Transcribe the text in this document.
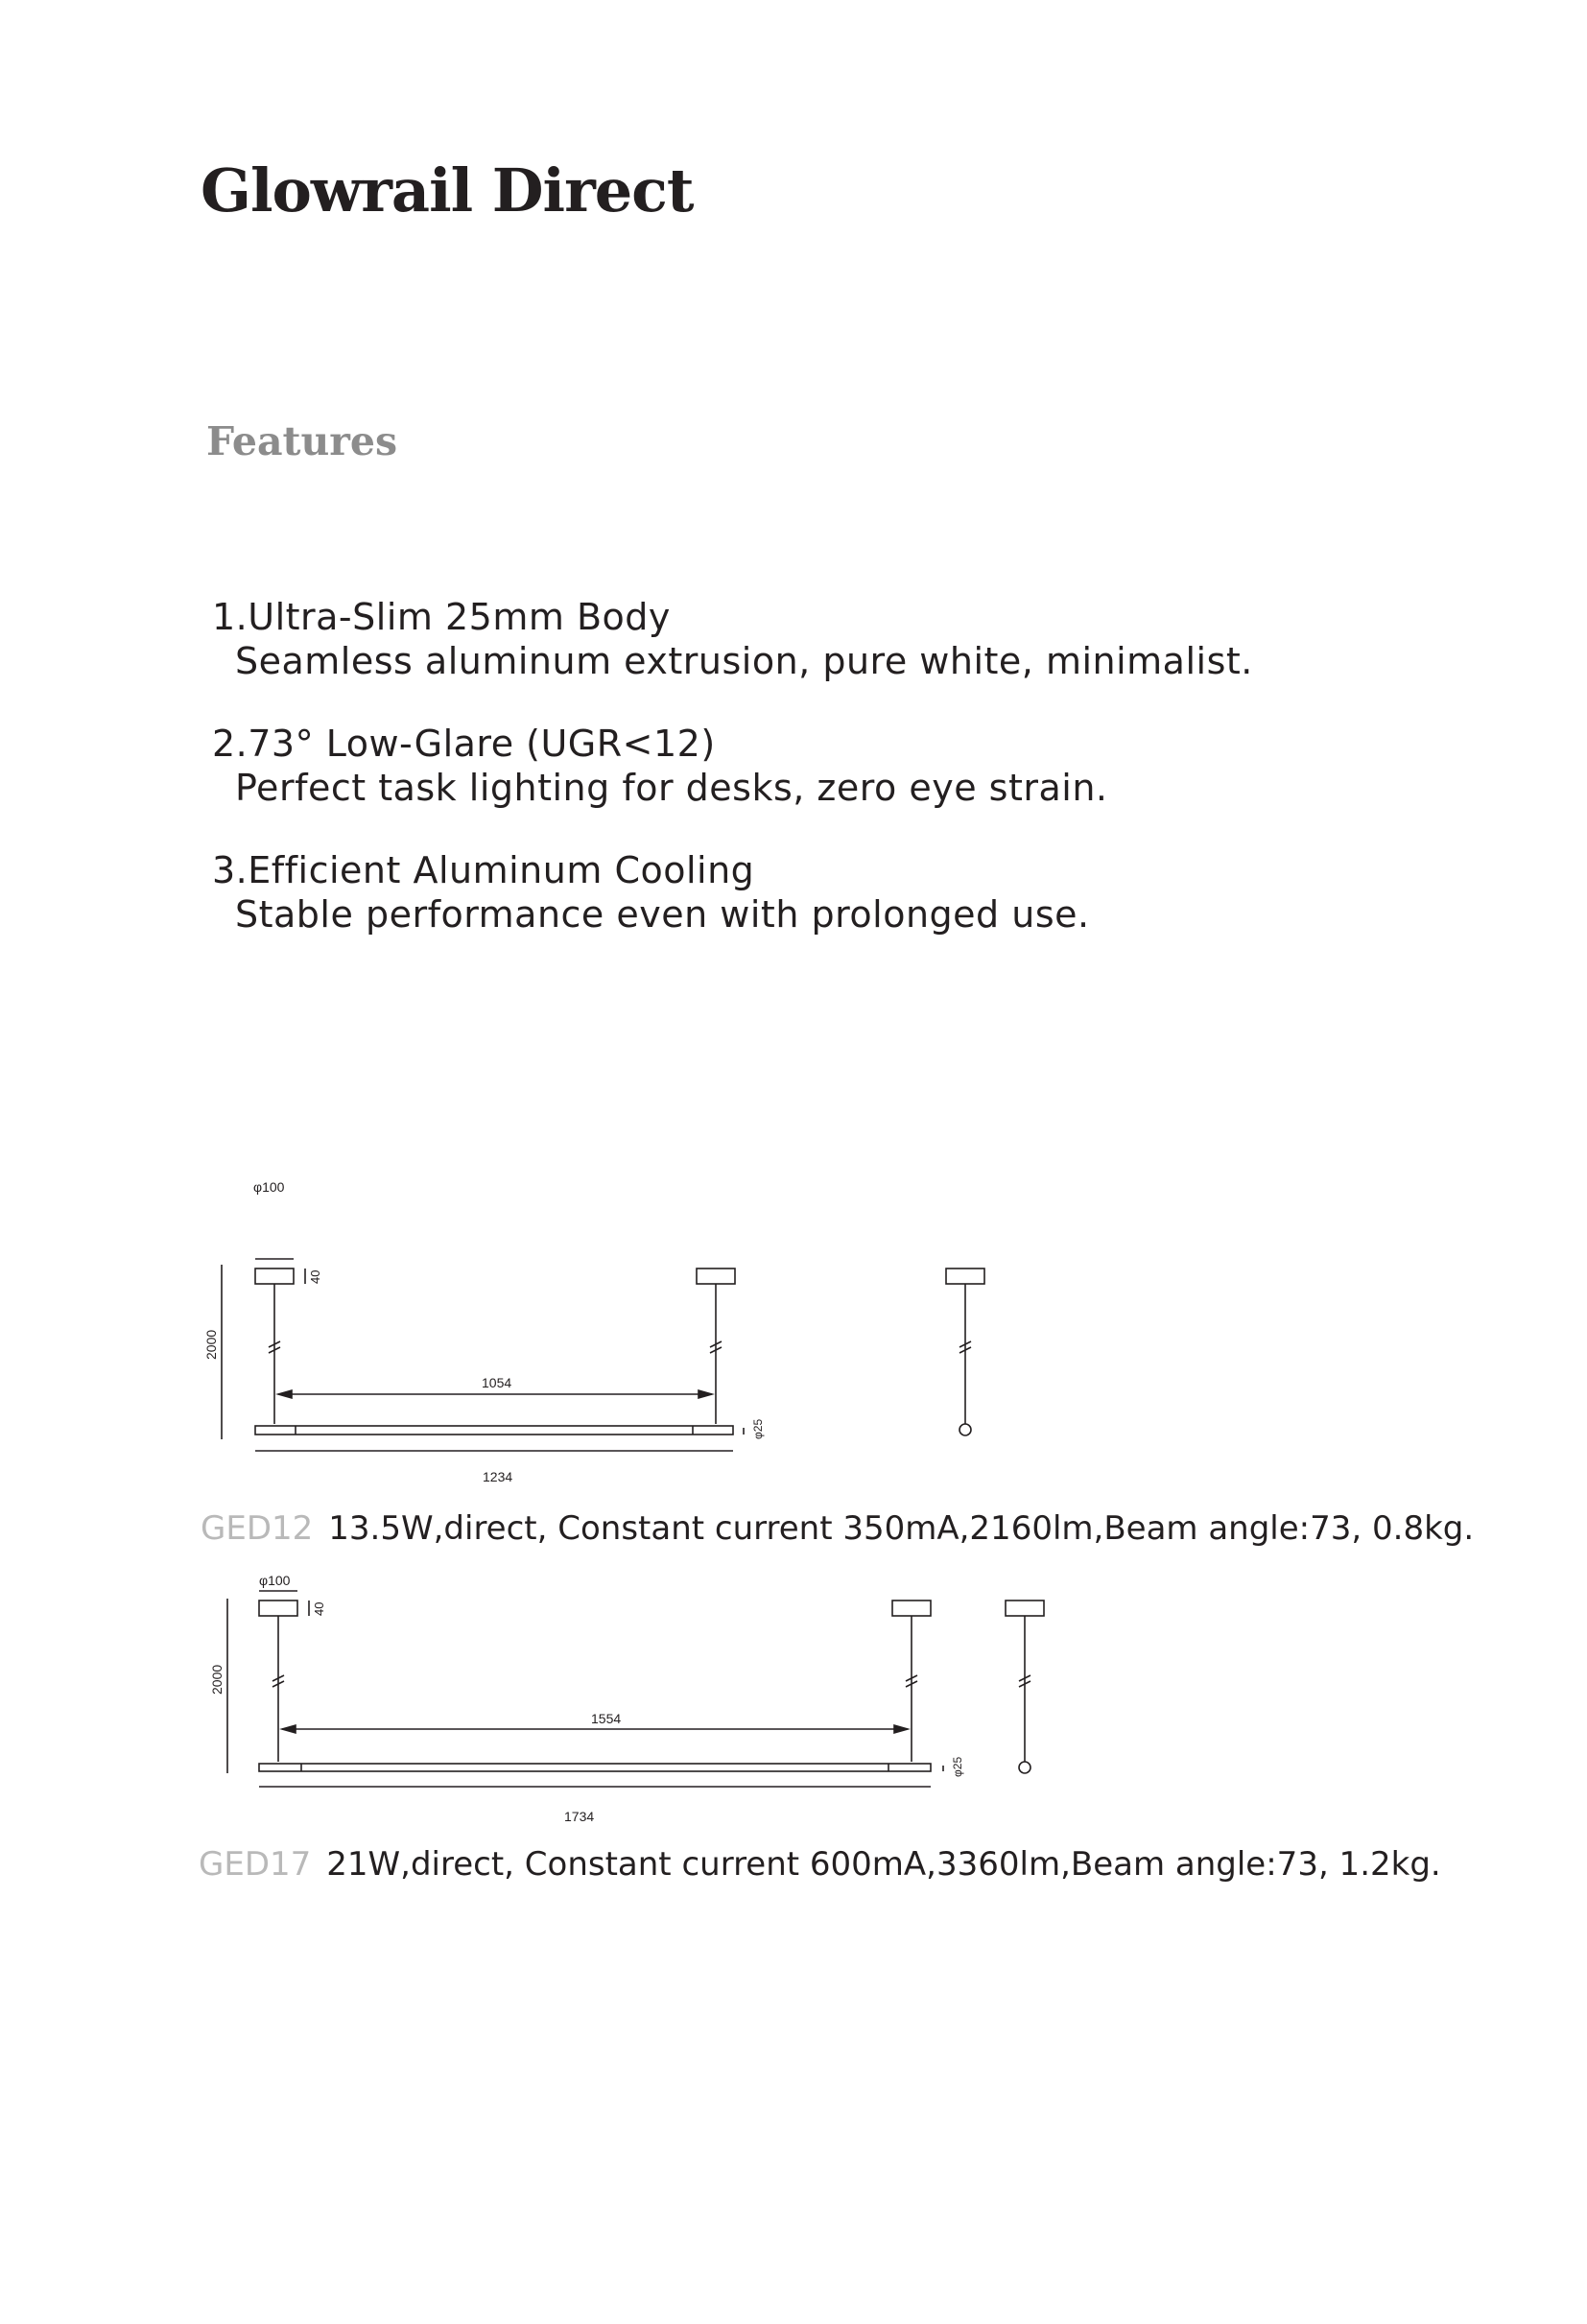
Glowrail Direct
Features
1.Ultra-Slim 25mm Body
Seamless aluminum extrusion, pure white, minimalist.
2.73° Low-Glare (UGR<12)
Perfect task lighting for desks, zero eye strain.
3.Efficient Aluminum Cooling
Stable performance even with prolonged use.
φ100
40
2000
1054
1234
φ25

GED12 13.5W,direct, Constant current 350mA,2160lm,Beam angle:73, 0.8kg.

φ100
40
2000
1554
1734
φ25

GED17 21W,direct, Constant current 600mA,3360lm,Beam angle:73, 1.2kg.
